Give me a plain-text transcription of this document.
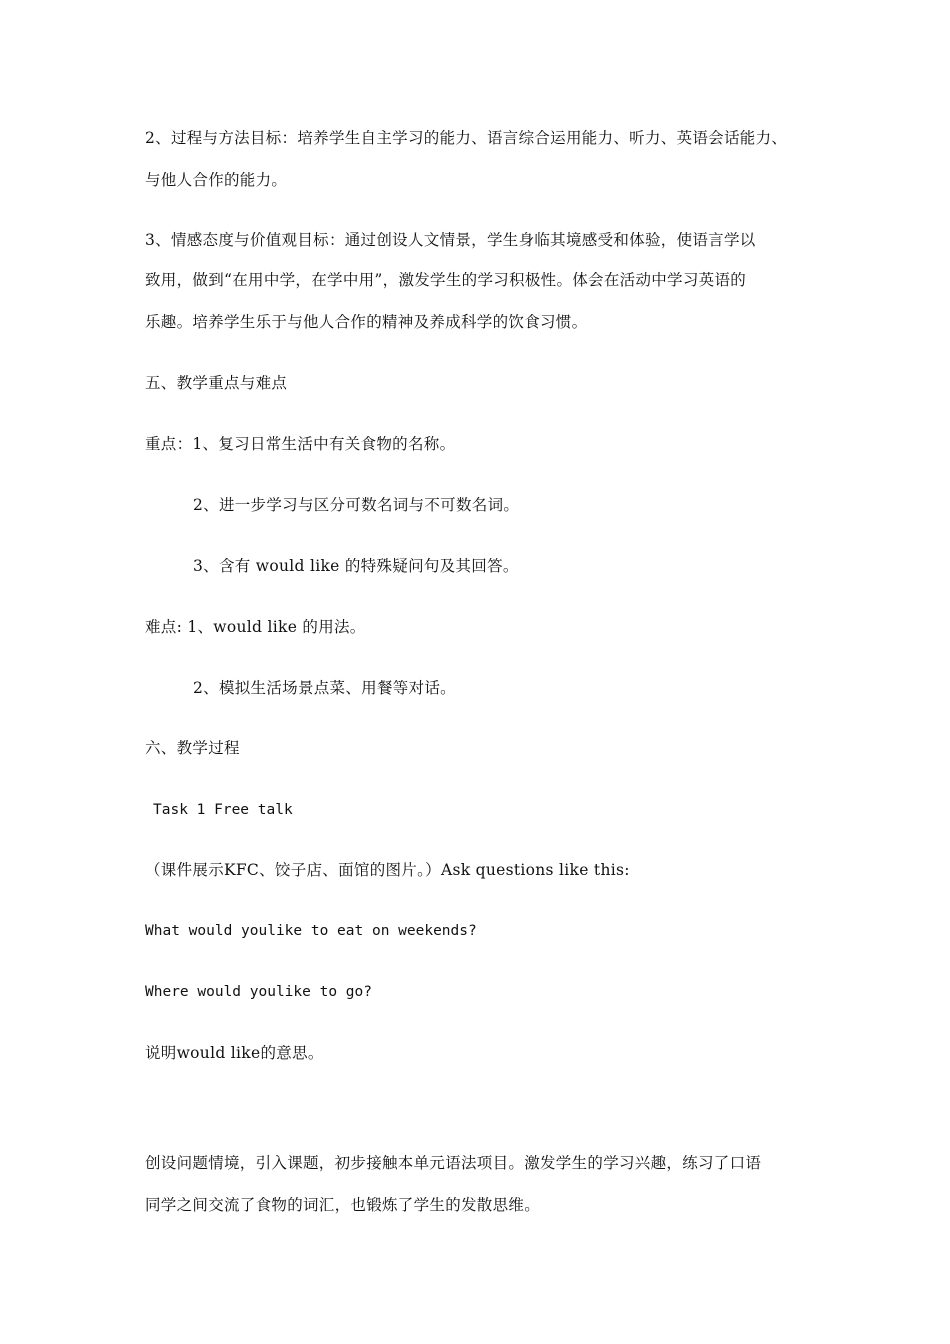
2、过程与方法目标：培养学生自主学习的能力、语言综合运用能力、听力、英语会话能力、
与他人合作的能力。
3、情感态度与价值观目标：通过创设人文情景，学生身临其境感受和体验，使语言学以
致用，做到“在用中学，在学中用”，激发学生的学习积极性。体会在活动中学习英语的
乐趣。培养学生乐于与他人合作的精神及养成科学的饮食习惯。
五、教学重点与难点
重点：1、复习日常生活中有关食物的名称。
2、进一步学习与区分可数名词与不可数名词。
3、含有 would like 的特殊疑问句及其回答。
难点: 1、would like 的用法。
2、模拟生活场景点菜、用餐等对话。
六、教学过程
Task 1 Free talk
（课件展示KFC、饺子店、面馆的图片。）Ask questions like this:
What would youlike to eat on weekends?
Where would youlike to go?
说明would like的意思。
创设问题情境，引入课题，初步接触本单元语法项目。激发学生的学习兴趣，练习了口语
同学之间交流了食物的词汇，也锻炼了学生的发散思维。
